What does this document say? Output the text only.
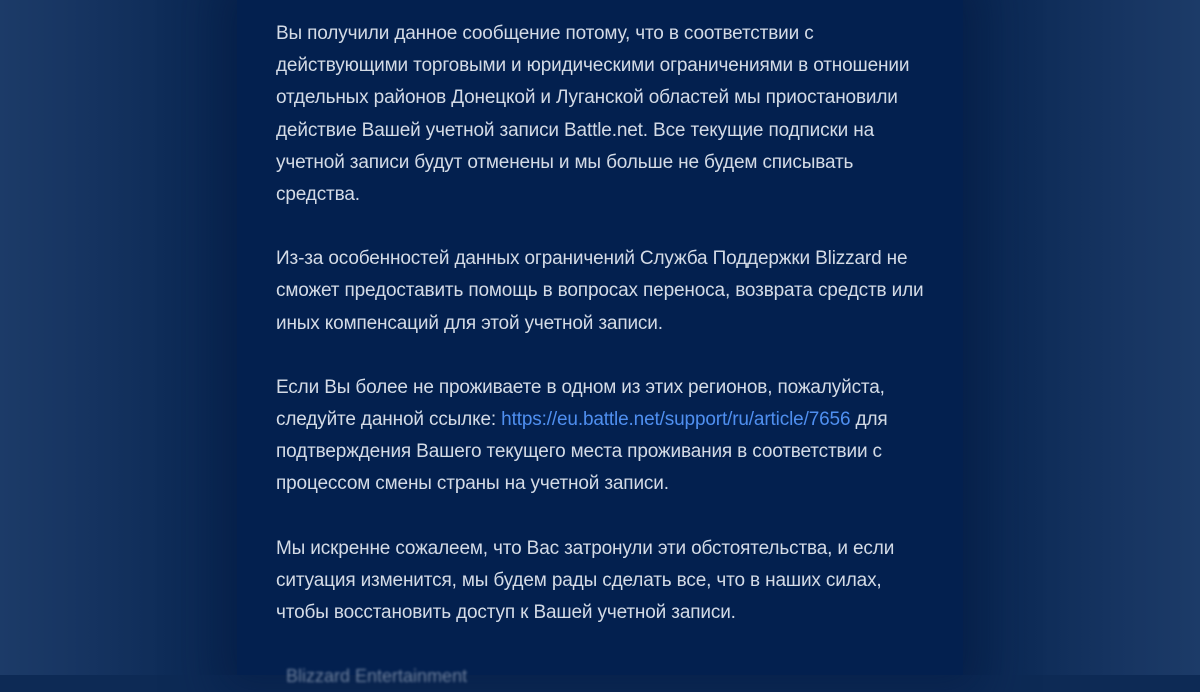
Вы получили данное сообщение потому, что в соответствии с действующими торговыми и юридическими ограничениями в отношении отдельных районов Донецкой и Луганской областей мы приостановили действие Вашей учетной записи Battle.net. Все текущие подписки на учетной записи будут отменены и мы больше не будем списывать средства.

Из-за особенностей данных ограничений Служба Поддержки Blizzard не сможет предоставить помощь в вопросах переноса, возврата средств или иных компенсаций для этой учетной записи.

Если Вы более не проживаете в одном из этих регионов, пожалуйста, следуйте данной ссылке: https://eu.battle.net/support/ru/article/7656 для подтверждения Вашего текущего места проживания в соответствии с процессом смены страны на учетной записи.

Мы искренне сожалеем, что Вас затронули эти обстоятельства, и если ситуация изменится, мы будем рады сделать все, что в наших силах, чтобы восстановить доступ к Вашей учетной записи.

Blizzard Entertainment
